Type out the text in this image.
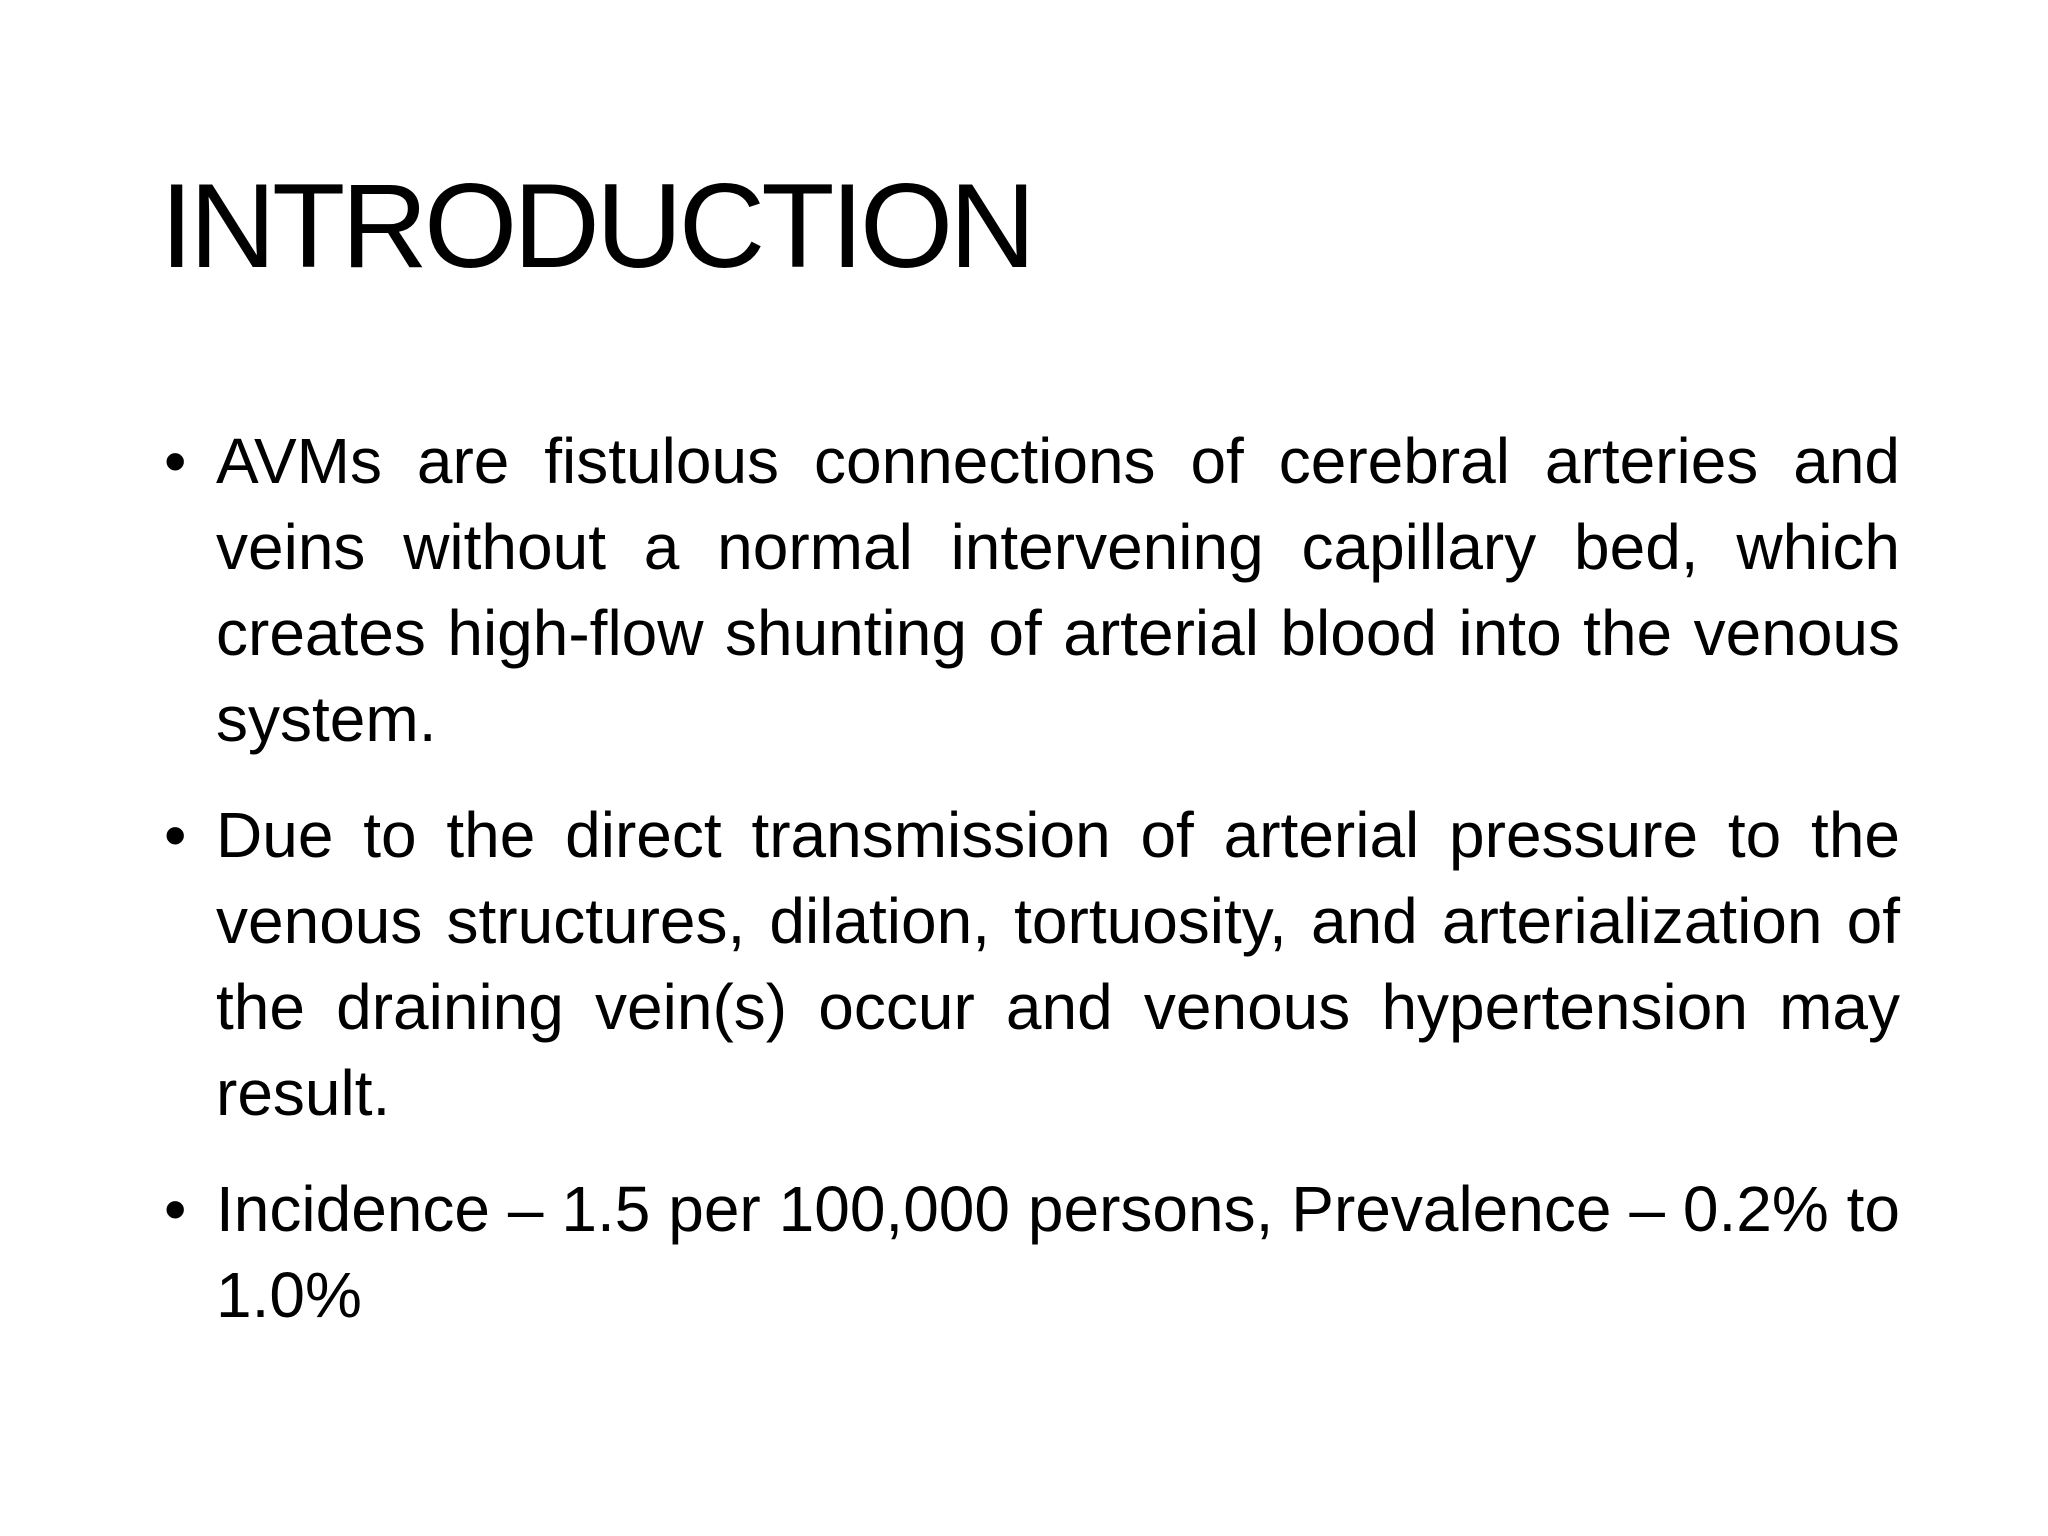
INTRODUCTION
• AVMs are fistulous connections of cerebral arteries and veins without a normal intervening capillary bed, which creates high-flow shunting of arterial blood into the venous system.
• Due to the direct transmission of arterial pressure to the venous structures, dilation, tortuosity, and arterialization of the draining vein(s) occur and venous hypertension may result.
• Incidence – 1.5 per 100,000 persons, Prevalence – 0.2% to 1.0%
